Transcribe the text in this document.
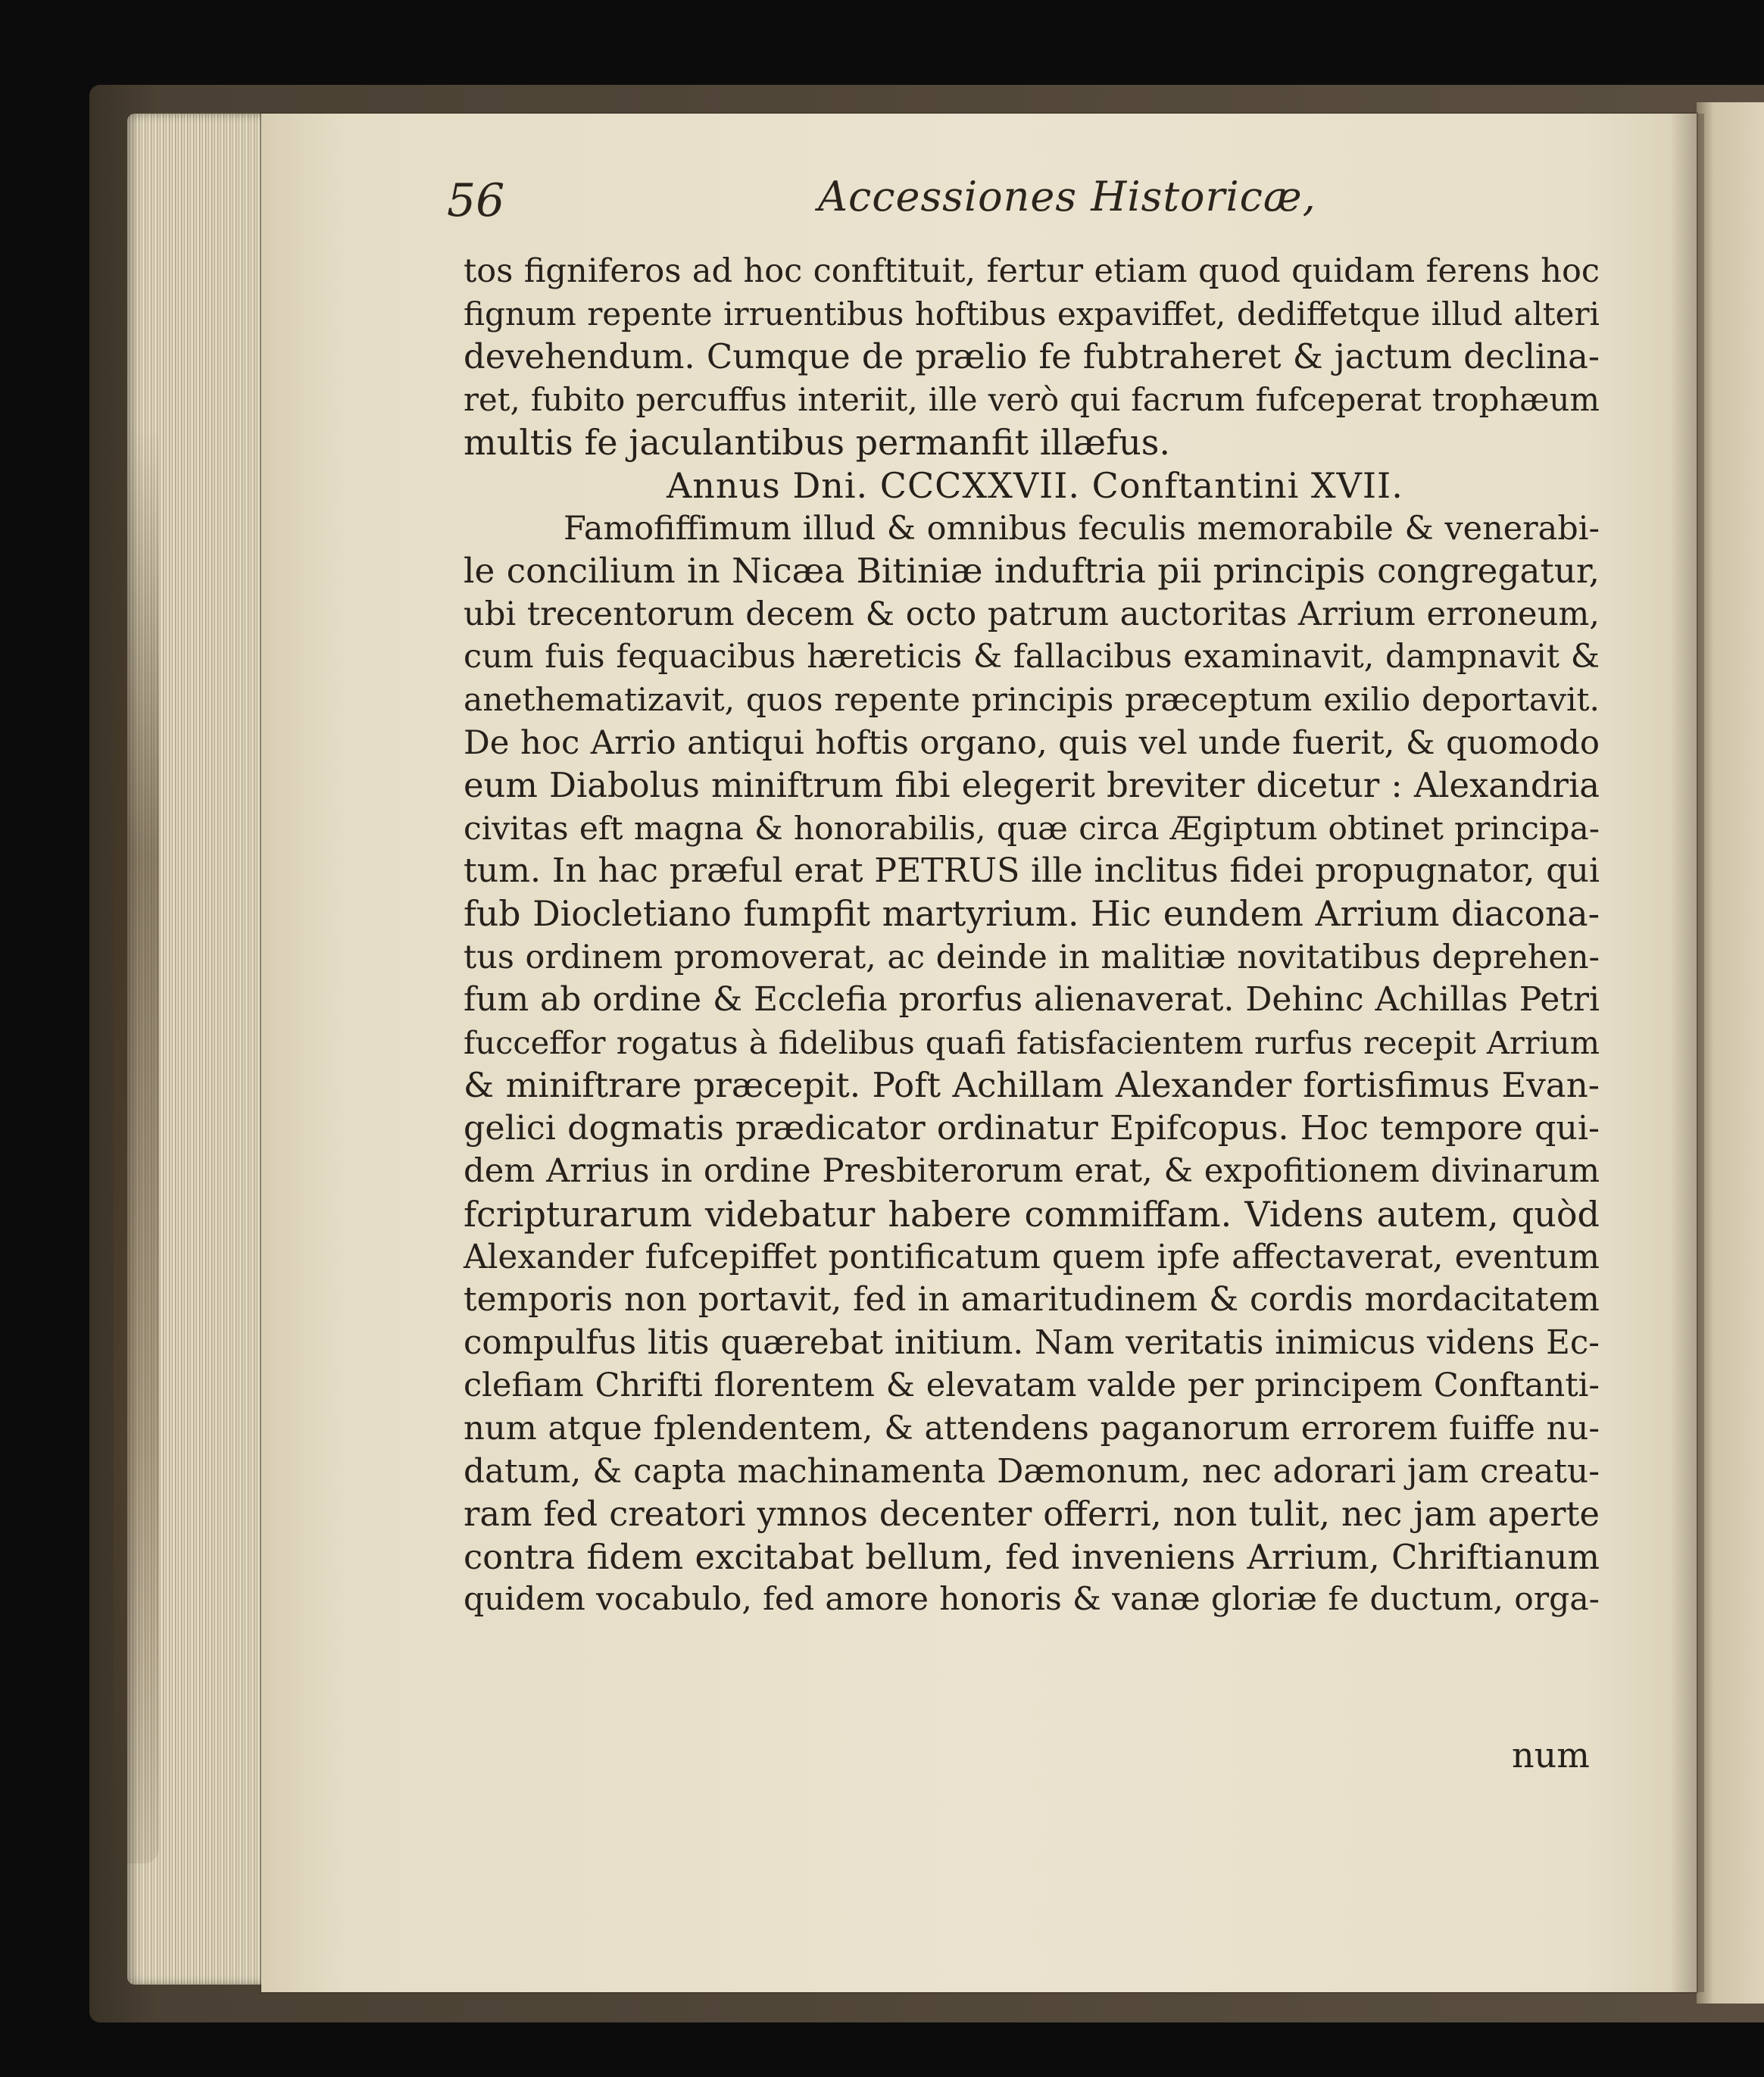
56	Accessiones Historicæ,
tos figniferos ad hoc conftituit, fertur etiam quod quidam ferens hoc
fignum repente irruentibus hoftibus expaviffet, dediffetque illud alteri
devehendum. Cumque de prælio fe fubtraheret & jactum declina-
ret, fubito percuffus interiit, ille verò qui facrum fufceperat trophæum
multis fe jaculantibus permanfit illæfus.
Annus Dni. CCCXXVII. Conftantini XVII.
Famofiffimum illud & omnibus feculis memorabile & venerabi-
le concilium in Nicæa Bitiniæ induftria pii principis congregatur,
ubi trecentorum decem & octo patrum auctoritas Arrium erroneum,
cum fuis fequacibus hæreticis & fallacibus examinavit, dampnavit &
anethematizavit, quos repente principis præceptum exilio deportavit.
De hoc Arrio antiqui hoftis organo, quis vel unde fuerit, & quomodo
eum Diabolus miniftrum fibi elegerit breviter dicetur : Alexandria
civitas eft magna & honorabilis, quæ circa Ægiptum obtinet principa-
tum. In hac præful erat PETRUS ille inclitus fidei propugnator, qui
fub Diocletiano fumpfit martyrium. Hic eundem Arrium diacona-
tus ordinem promoverat, ac deinde in malitiæ novitatibus deprehen-
fum ab ordine & Ecclefia prorfus alienaverat. Dehinc Achillas Petri
fucceffor rogatus à fidelibus quafi fatisfacientem rurfus recepit Arrium
& miniftrare præcepit. Poft Achillam Alexander fortisfimus Evan-
gelici dogmatis prædicator ordinatur Epifcopus. Hoc tempore qui-
dem Arrius in ordine Presbiterorum erat, & expofitionem divinarum
fcripturarum videbatur habere commiffam. Videns autem, quòd
Alexander fufcepiffet pontificatum quem ipfe affectaverat, eventum
temporis non portavit, fed in amaritudinem & cordis mordacitatem
compulfus litis quærebat initium. Nam veritatis inimicus videns Ec-
clefiam Chrifti florentem & elevatam valde per principem Conftanti-
num atque fplendentem, & attendens paganorum errorem fuiffe nu-
datum, & capta machinamenta Dæmonum, nec adorari jam creatu-
ram fed creatori ymnos decenter offerri, non tulit, nec jam aperte
contra fidem excitabat bellum, fed inveniens Arrium, Chriftianum
quidem vocabulo, fed amore honoris & vanæ gloriæ fe ductum, orga-
num
